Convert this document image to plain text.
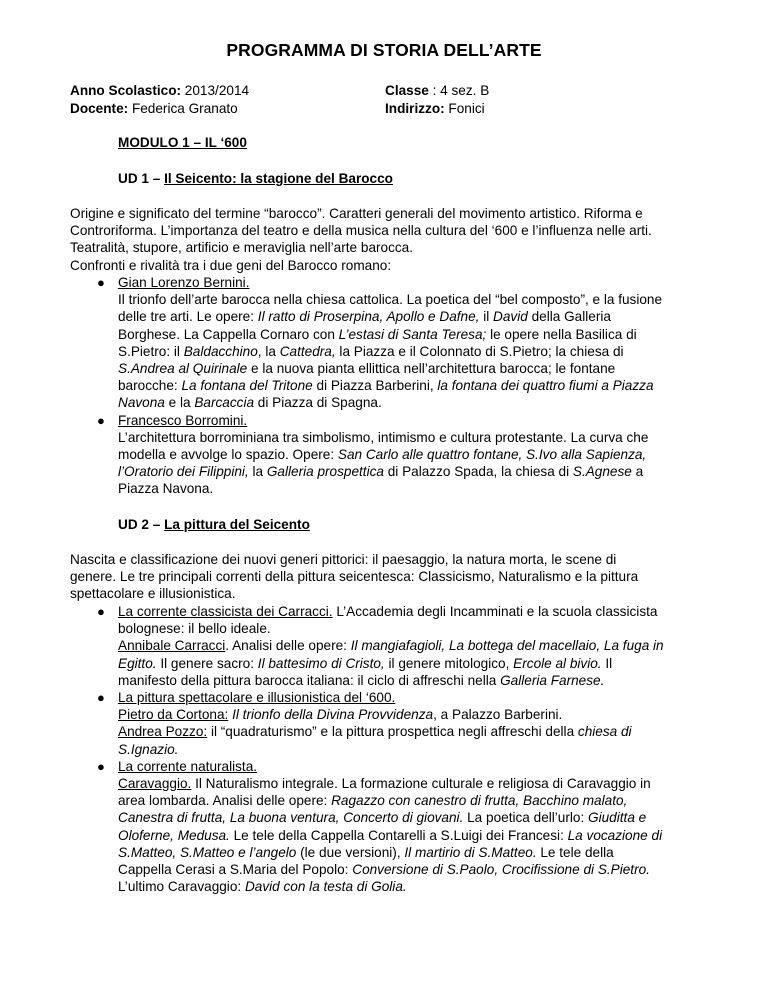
PROGRAMMA DI STORIA DELL’ARTE
Anno Scolastico: 2013/2014
Docente: Federica Granato
Classe : 4 sez. B
Indirizzo: Fonici
MODULO 1 – IL ‘600
UD 1 – Il Seicento: la stagione del Barocco
Origine e significato del termine “barocco”. Caratteri generali del movimento artistico. Riforma e
Controriforma. L’importanza del teatro e della musica nella cultura del ‘600 e l’influenza nelle arti.
Teatralità, stupore, artificio e meraviglia nell’arte barocca.
Confronti e rivalità tra i due geni del Barocco romano:
● Gian Lorenzo Bernini.
Il trionfo dell’arte barocca nella chiesa cattolica. La poetica del “bel composto”, e la fusione
delle tre arti. Le opere: Il ratto di Proserpina, Apollo e Dafne, il David della Galleria
Borghese. La Cappella Cornaro con L’estasi di Santa Teresa; le opere nella Basilica di
S.Pietro: il Baldacchino, la Cattedra, la Piazza e il Colonnato di S.Pietro; la chiesa di
S.Andrea al Quirinale e la nuova pianta ellittica nell’architettura barocca; le fontane
barocche: La fontana del Tritone di Piazza Barberini, la fontana dei quattro fiumi a Piazza
Navona e la Barcaccia di Piazza di Spagna.
● Francesco Borromini.
L’architettura borrominiana tra simbolismo, intimismo e cultura protestante. La curva che
modella e avvolge lo spazio. Opere: San Carlo alle quattro fontane, S.Ivo alla Sapienza,
l’Oratorio dei Filippini, la Galleria prospettica di Palazzo Spada, la chiesa di S.Agnese a
Piazza Navona.
UD 2 – La pittura del Seicento
Nascita e classificazione dei nuovi generi pittorici: il paesaggio, la natura morta, le scene di
genere. Le tre principali correnti della pittura seicentesca: Classicismo, Naturalismo e la pittura
spettacolare e illusionistica.
● La corrente classicista dei Carracci. L’Accademia degli Incamminati e la scuola classicista
bolognese: il bello ideale.
Annibale Carracci. Analisi delle opere: Il mangiafagioli, La bottega del macellaio, La fuga in
Egitto. Il genere sacro: Il battesimo di Cristo, il genere mitologico, Ercole al bivio. Il
manifesto della pittura barocca italiana: il ciclo di affreschi nella Galleria Farnese.
● La pittura spettacolare e illusionistica del ‘600.
Pietro da Cortona: Il trionfo della Divina Provvidenza, a Palazzo Barberini.
Andrea Pozzo: il “quadraturismo” e la pittura prospettica negli affreschi della chiesa di
S.Ignazio.
● La corrente naturalista.
Caravaggio. Il Naturalismo integrale. La formazione culturale e religiosa di Caravaggio in
area lombarda. Analisi delle opere: Ragazzo con canestro di frutta, Bacchino malato,
Canestra di frutta, La buona ventura, Concerto di giovani. La poetica dell’urlo: Giuditta e
Oloferne, Medusa. Le tele della Cappella Contarelli a S.Luigi dei Francesi: La vocazione di
S.Matteo, S.Matteo e l’angelo (le due versioni), Il martirio di S.Matteo. Le tele della
Cappella Cerasi a S.Maria del Popolo: Conversione di S.Paolo, Crocifissione di S.Pietro.
L’ultimo Caravaggio: David con la testa di Golia.
